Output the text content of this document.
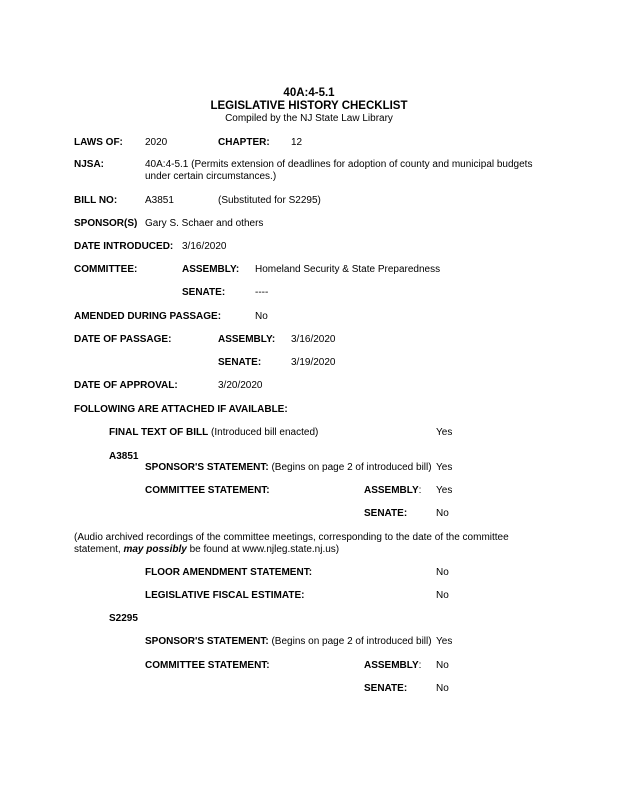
40A:4-5.1
LEGISLATIVE HISTORY CHECKLIST
Compiled by the NJ State Law Library
LAWS OF: 2020	CHAPTER: 12
NJSA:	40A:4-5.1 (Permits extension of deadlines for adoption of county and municipal budgets
under certain circumstances.)
BILL NO:	A3851	(Substituted for S2295)
SPONSOR(S) Gary S. Schaer and others
DATE INTRODUCED: 3/16/2020
COMMITTEE:	ASSEMBLY: Homeland Security & State Preparedness
SENATE:	----
AMENDED DURING PASSAGE:	No
DATE OF PASSAGE:	ASSEMBLY: 3/16/2020
SENATE:	3/19/2020
DATE OF APPROVAL:	3/20/2020
FOLLOWING ARE ATTACHED IF AVAILABLE:
FINAL TEXT OF BILL (Introduced bill enacted)	Yes
A3851
SPONSOR'S STATEMENT: (Begins on page 2 of introduced bill) Yes
COMMITTEE STATEMENT:	ASSEMBLY: Yes
SENATE:	No
(Audio archived recordings of the committee meetings, corresponding to the date of the committee
statement, may possibly be found at www.njleg.state.nj.us)
FLOOR AMENDMENT STATEMENT:	No
LEGISLATIVE FISCAL ESTIMATE:	No
S2295
SPONSOR'S STATEMENT: (Begins on page 2 of introduced bill) Yes
COMMITTEE STATEMENT:	ASSEMBLY: No
SENATE:	No
